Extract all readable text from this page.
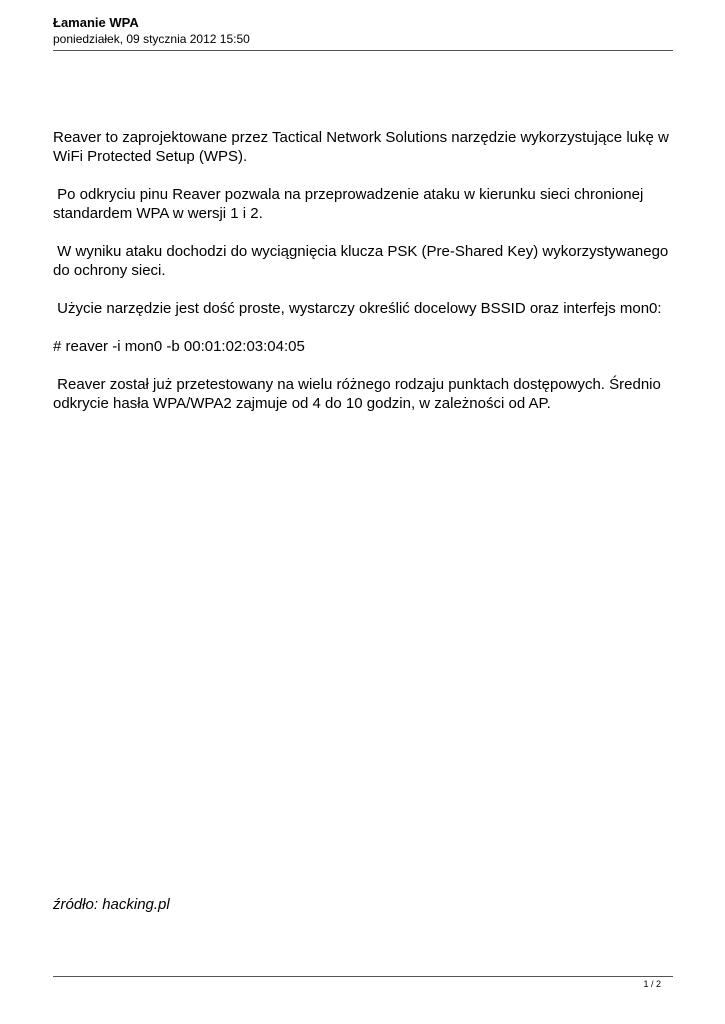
Łamanie WPA
poniedziałek, 09 stycznia 2012 15:50

Reaver to zaprojektowane przez Tactical Network Solutions narzędzie wykorzystujące lukę w WiFi Protected Setup (WPS).

Po odkryciu pinu Reaver pozwala na przeprowadzenie ataku w kierunku sieci chronionej standardem WPA w wersji 1 i 2.

W wyniku ataku dochodzi do wyciągnięcia klucza PSK (Pre-Shared Key) wykorzystywanego do ochrony sieci.

Użycie narzędzie jest dość proste, wystarczy określić docelowy BSSID oraz interfejs mon0:

# reaver -i mon0 -b 00:01:02:03:04:05

Reaver został już przetestowany na wielu różnego rodzaju punktach dostępowych. Średnio odkrycie hasła WPA/WPA2 zajmuje od 4 do 10 godzin, w zależności od AP.

źródło: hacking.pl
1 / 2
